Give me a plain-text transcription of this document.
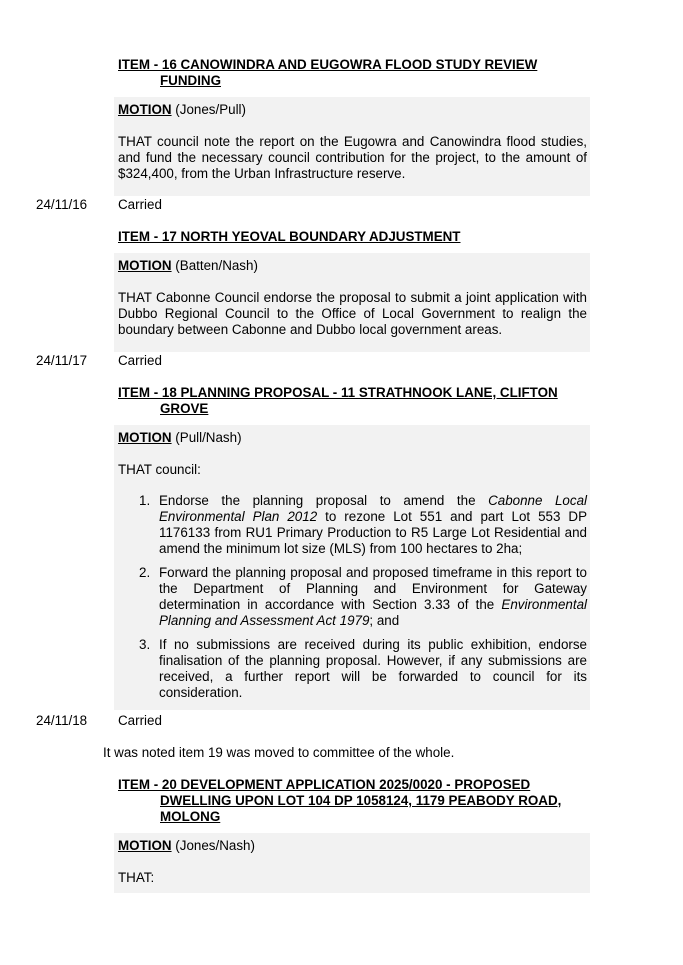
ITEM - 16 CANOWINDRA AND EUGOWRA FLOOD STUDY REVIEW
FUNDING
MOTION (Jones/Pull)
THAT council note the report on the Eugowra and Canowindra flood studies, and fund the necessary council contribution for the project, to the amount of $324,400, from the Urban Infrastructure reserve.
24/11/16 Carried
ITEM - 17 NORTH YEOVAL BOUNDARY ADJUSTMENT
MOTION (Batten/Nash)
THAT Cabonne Council endorse the proposal to submit a joint application with Dubbo Regional Council to the Office of Local Government to realign the boundary between Cabonne and Dubbo local government areas.
24/11/17 Carried
ITEM - 18 PLANNING PROPOSAL - 11 STRATHNOOK LANE, CLIFTON
GROVE
MOTION (Pull/Nash)
THAT council:
1. Endorse the planning proposal to amend the Cabonne Local Environmental Plan 2012 to rezone Lot 551 and part Lot 553 DP 1176133 from RU1 Primary Production to R5 Large Lot Residential and amend the minimum lot size (MLS) from 100 hectares to 2ha;
2. Forward the planning proposal and proposed timeframe in this report to the Department of Planning and Environment for Gateway determination in accordance with Section 3.33 of the Environmental Planning and Assessment Act 1979; and
3. If no submissions are received during its public exhibition, endorse finalisation of the planning proposal. However, if any submissions are received, a further report will be forwarded to council for its consideration.
24/11/18 Carried
It was noted item 19 was moved to committee of the whole.
ITEM - 20 DEVELOPMENT APPLICATION 2025/0020 - PROPOSED
DWELLING UPON LOT 104 DP 1058124, 1179 PEABODY ROAD,
MOLONG
MOTION (Jones/Nash)
THAT:
